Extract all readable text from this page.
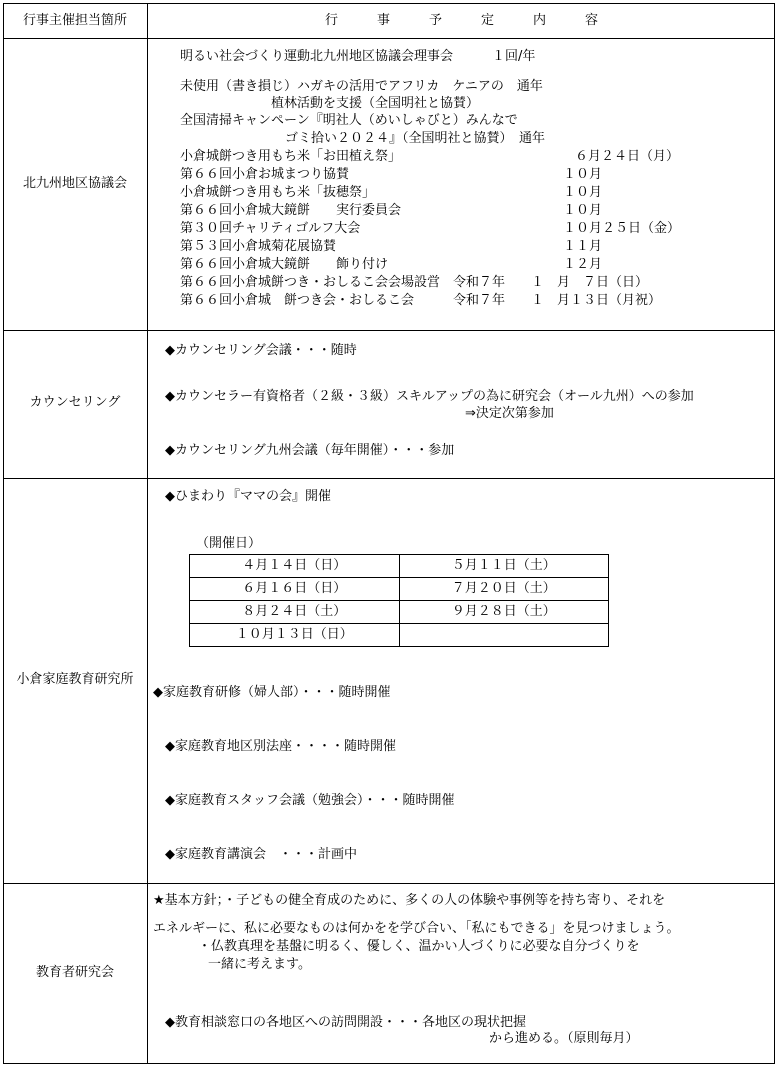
行事主催担当箇所	行　　　事　　　予　　　定　　　内　　　容
北九州地区協議会
明るい社会づくり運動北九州地区協議会理事会　　　１回/年
未使用（書き損じ）ハガキの活用でアフリカ　ケニアの　通年
植林活動を支援（全国明社と協賛）
全国清掃キャンペーン『明社人（めいしゃびと）みんなで
ゴミ拾い２０２４』（全国明社と協賛）　通年
小倉城餅つき用もち米「お田植え祭」	６月２４日（月）
第６６回小倉お城まつり協賛	１０月
小倉城餅つき用もち米「抜穂祭」	１０月
第６６回小倉城大鏡餅　　実行委員会	１０月
第３０回チャリティゴルフ大会	１０月２５日（金）
第５３回小倉城菊花展協賛	１１月
第６６回小倉城大鏡餅　　飾り付け	１２月
第６６回小倉城餅つき・おしるこ会会場設営　令和７年　　１　月　７日（日）
第６６回小倉城　餅つき会・おしるこ会　　　令和７年　　１　月１３日（月祝）
カウンセリング
◆カウンセリング会議・・・随時
◆カウンセラー有資格者（２級・３級）スキルアップの為に研究会（オール九州）への参加
⇒決定次第参加
◆カウンセリング九州会議（毎年開催）・・・参加
小倉家庭教育研究所
◆ひまわり『ママの会』開催
（開催日）
４月１４日（日）	５月１１日（土）
６月１６日（日）	７月２０日（土）
８月２４日（土）	９月２８日（土）
１０月１３日（日）	
◆家庭教育研修（婦人部）・・・随時開催
◆家庭教育地区別法座・・・・随時開催
◆家庭教育スタッフ会議（勉強会）・・・随時開催
◆家庭教育講演会　・・・計画中
教育者研究会
★基本方針；・子どもの健全育成のために、多くの人の体験や事例等を持ち寄り、それを
エネルギーに、私に必要なものは何かをを学び合い、「私にもできる」を見つけましょう。
・仏教真理を基盤に明るく、優しく、温かい人づくりに必要な自分づくりを
一緒に考えます。
◆教育相談窓口の各地区への訪問開設・・・各地区の現状把握
から進める。（原則毎月）
